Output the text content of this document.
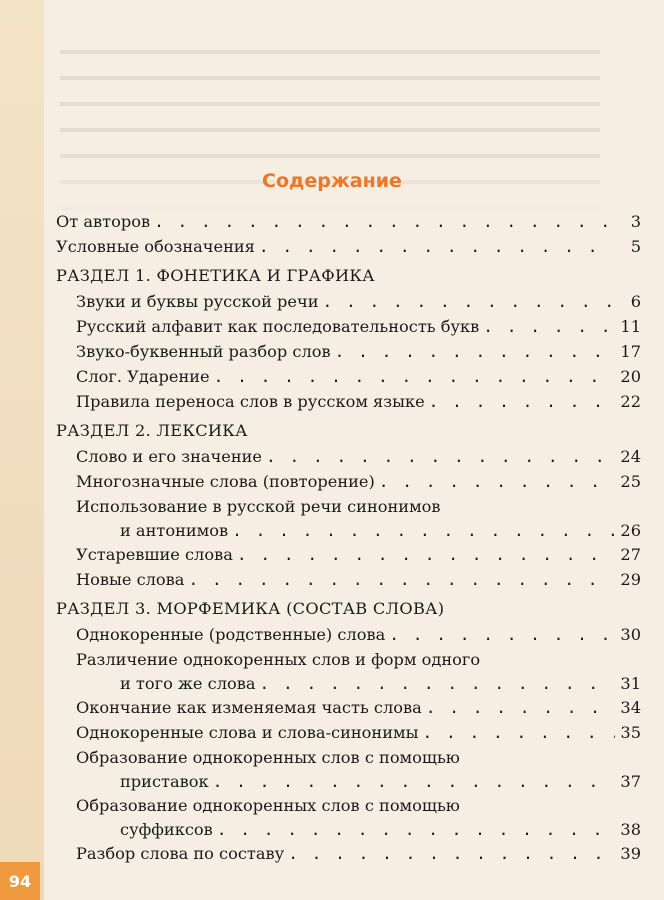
Содержание
От авторов . . .	3
Условные обозначения . . .	5
РАЗДЕЛ 1. ФОНЕТИКА И ГРАФИКА
Звуки и буквы русской речи . . .	6
Русский алфавит как последовательность букв . . .	11
Звуко-буквенный разбор слов . . .	17
Слог. Ударение . . .	20
Правила переноса слов в русском языке . . .	22
РАЗДЕЛ 2. ЛЕКСИКА
Слово и его значение . . .	24
Многозначные слова (повторение) . . .	25
Использование в русской речи синонимов
и антонимов . . .	26
Устаревшие слова . . .	27
Новые слова . . .	29
РАЗДЕЛ 3. МОРФЕМИКА (СОСТАВ СЛОВА)
Однокоренные (родственные) слова . . .	30
Различение однокоренных слов и форм одного
и того же слова . . .	31
Окончание как изменяемая часть слова . . .	34
Однокоренные слова и слова-синонимы . . .	35
Образование однокоренных слов с помощью
приставок . . .	37
Образование однокоренных слов с помощью
суффиксов . . .	38
Разбор слова по составу . . .	39
94
